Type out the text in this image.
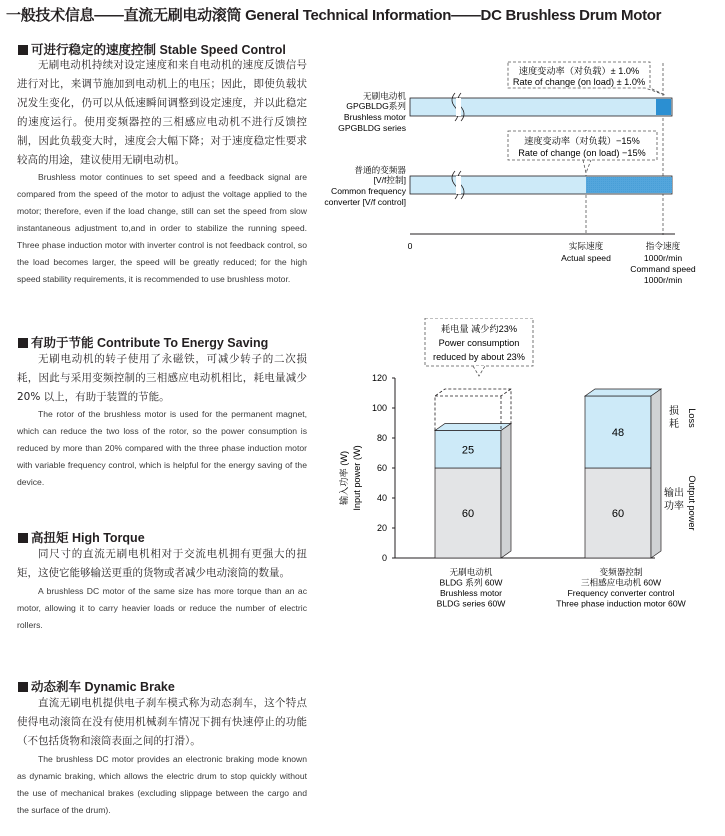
一般技术信息——直流无刷电动滚筒 General Technical Information——DC Brushless Drum Motor
可进行稳定的速度控制 Stable Speed Control
无刷电动机持续对设定速度和来自电动机的速度反馈信号进行对比，来调节施加到电动机上的电压；因此，即使负载状况发生变化，仍可以从低速瞬间调整到设定速度，并以此稳定的速度运行。使用变频器控的三相感应电动机不进行反馈控制，因此负载变大时，速度会大幅下降；对于速度稳定性要求较高的用途，建议使用无刷电动机。
Brushless motor continues to set speed and a feedback signal are compared from the speed of the motor to adjust the voltage applied to the motor; therefore, even if the load change, still can set the speed from slow instantaneous adjustment to,and in order to stabilize the running speed. Three phase induction motor with inverter control is not feedback control, so the load becomes larger, the speed will be greatly reduced; for the high speed stability requirements, it is recommended to use brushless motor.
有助于节能 Contribute To Energy Saving
无刷电动机的转子使用了永磁铁，可减少转子的二次损耗，因此与采用变频控制的三相感应电动机相比，耗电量减少 20% 以上，有助于装置的节能。
The rotor of the brushless motor is used for the permanent magnet, which can reduce the two loss of the rotor, so the power consumption is reduced by more than 20% compared with the three phase induction motor with variable frequency control, which is helpful for the energy saving of the device.
高扭矩 High Torque
同尺寸的直流无刷电机相对于交流电机拥有更强大的扭矩，这使它能够输送更重的货物或者减少电动滚筒的数量。
A brushless DC motor of the same size has more torque than an ac motor, allowing it to carry heavier loads or reduce the number of electric rollers.
动态刹车 Dynamic Brake
直流无刷电机提供电子刹车模式称为动态刹车，这个特点使得电动滚筒在没有使用机械刹车情况下拥有快速停止的功能（不包括货物和滚筒表面之间的打滑）。
The brushless DC motor provides an electronic braking mode known as dynamic braking, which allows the electric drum to stop quickly without the use of mechanical brakes (excluding slippage between the cargo and the surface of the drum).
速度变动率（对负载）± 1.0%
Rate of change (on load) ± 1.0%
无刷电动机
GPGBLDG系列
Brushless motor
GPGBLDG series
速度变动率（对负载）−15%
Rate of change (on load) −15%
普通的变频器
[V/f控制]
Common frequency
converter [V/f control]
0	实际速度
Actual speed
指令速度
1000r/min
Command speed
1000r/min
耗电量 减少约23%
Power consumption
reduced by about 23%
输入功率 (W) Input power (W)
0
20
40
60
80
100
120
60
25
60
48
损
耗 Loss
输出
功率 Output power
无刷电动机
BLDG 系列 60W
Brushless motor
BLDG series 60W
变频器控制
三相感应电动机 60W
Frequency converter control
Three phase induction motor 60W
